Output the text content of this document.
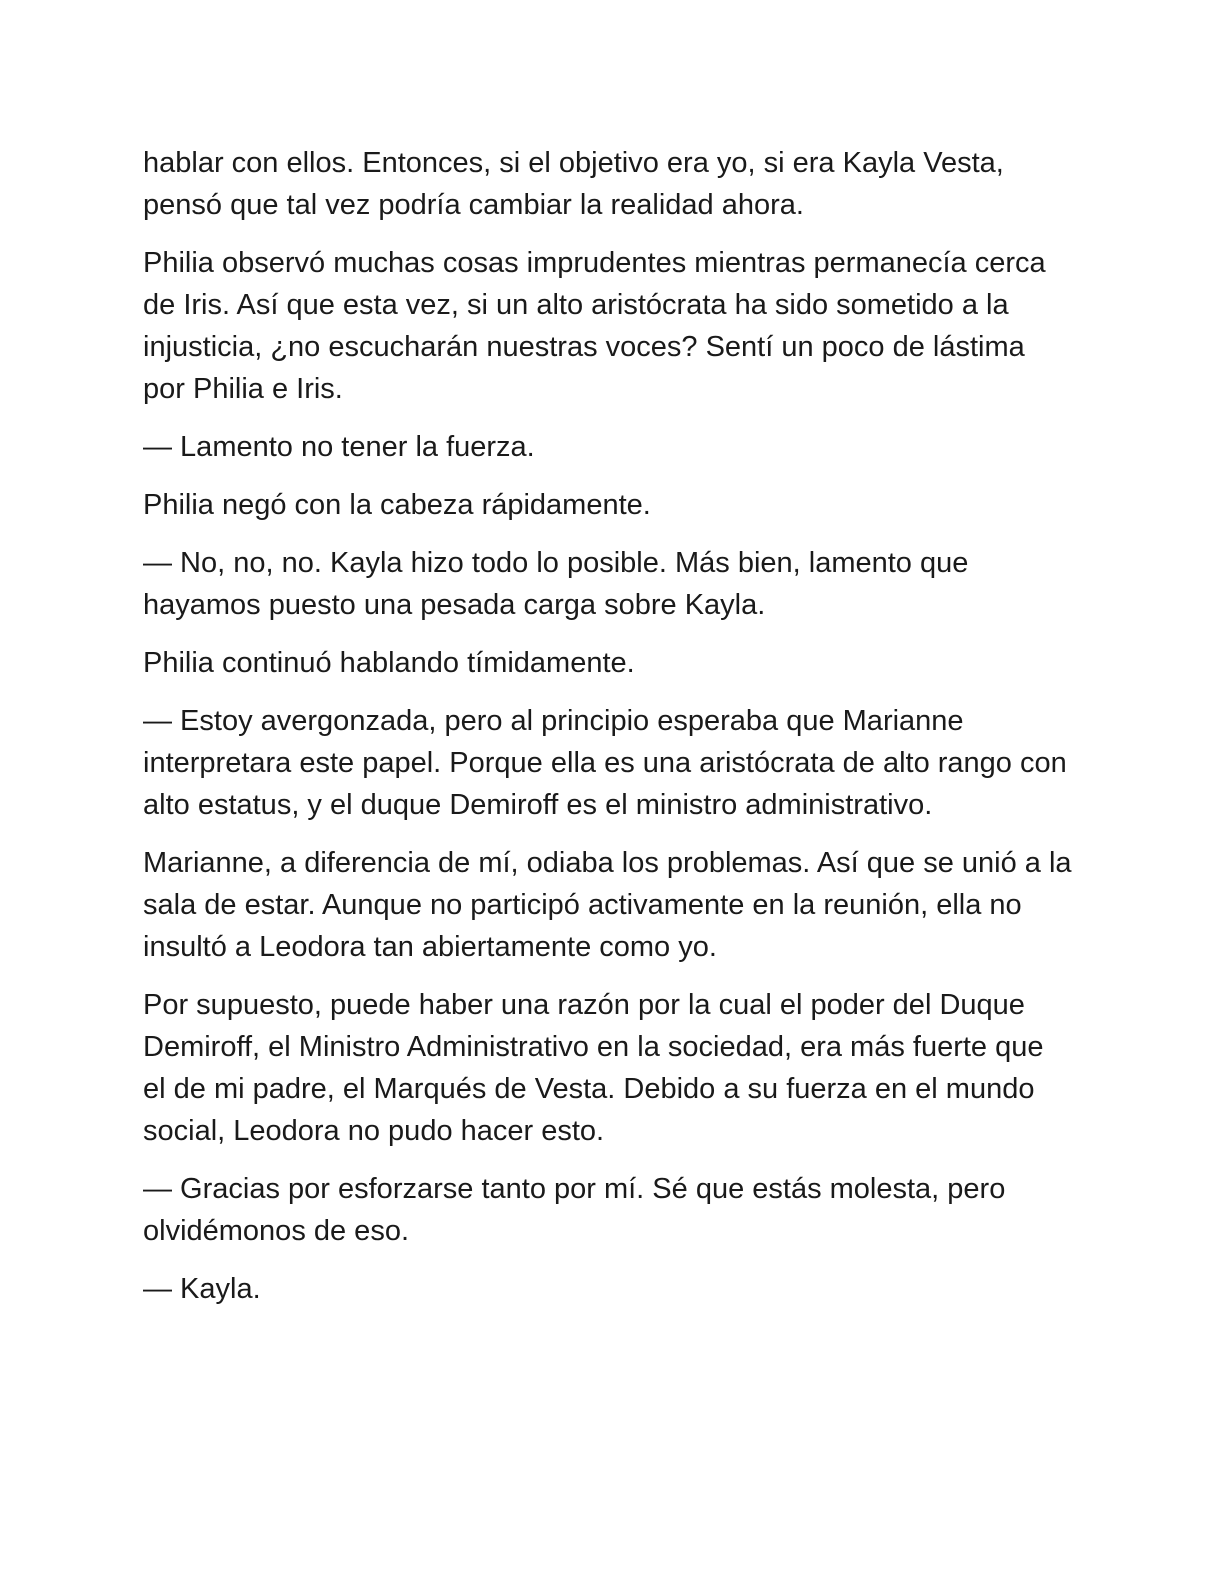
hablar con ellos. Entonces, si el objetivo era yo, si era Kayla Vesta, pensó que tal vez podría cambiar la realidad ahora.

Philia observó muchas cosas imprudentes mientras permanecía cerca de Iris. Así que esta vez, si un alto aristócrata ha sido sometido a la injusticia, ¿no escucharán nuestras voces? Sentí un poco de lástima por Philia e Iris.

— Lamento no tener la fuerza.

Philia negó con la cabeza rápidamente.

— No, no, no. Kayla hizo todo lo posible. Más bien, lamento que hayamos puesto una pesada carga sobre Kayla.

Philia continuó hablando tímidamente.

— Estoy avergonzada, pero al principio esperaba que Marianne interpretara este papel. Porque ella es una aristócrata de alto rango con alto estatus, y el duque Demiroff es el ministro administrativo.

Marianne, a diferencia de mí, odiaba los problemas. Así que se unió a la sala de estar. Aunque no participó activamente en la reunión, ella no insultó a Leodora tan abiertamente como yo.

Por supuesto, puede haber una razón por la cual el poder del Duque Demiroff, el Ministro Administrativo en la sociedad, era más fuerte que el de mi padre, el Marqués de Vesta. Debido a su fuerza en el mundo social, Leodora no pudo hacer esto.

— Gracias por esforzarse tanto por mí. Sé que estás molesta, pero olvidémonos de eso.

— Kayla.
